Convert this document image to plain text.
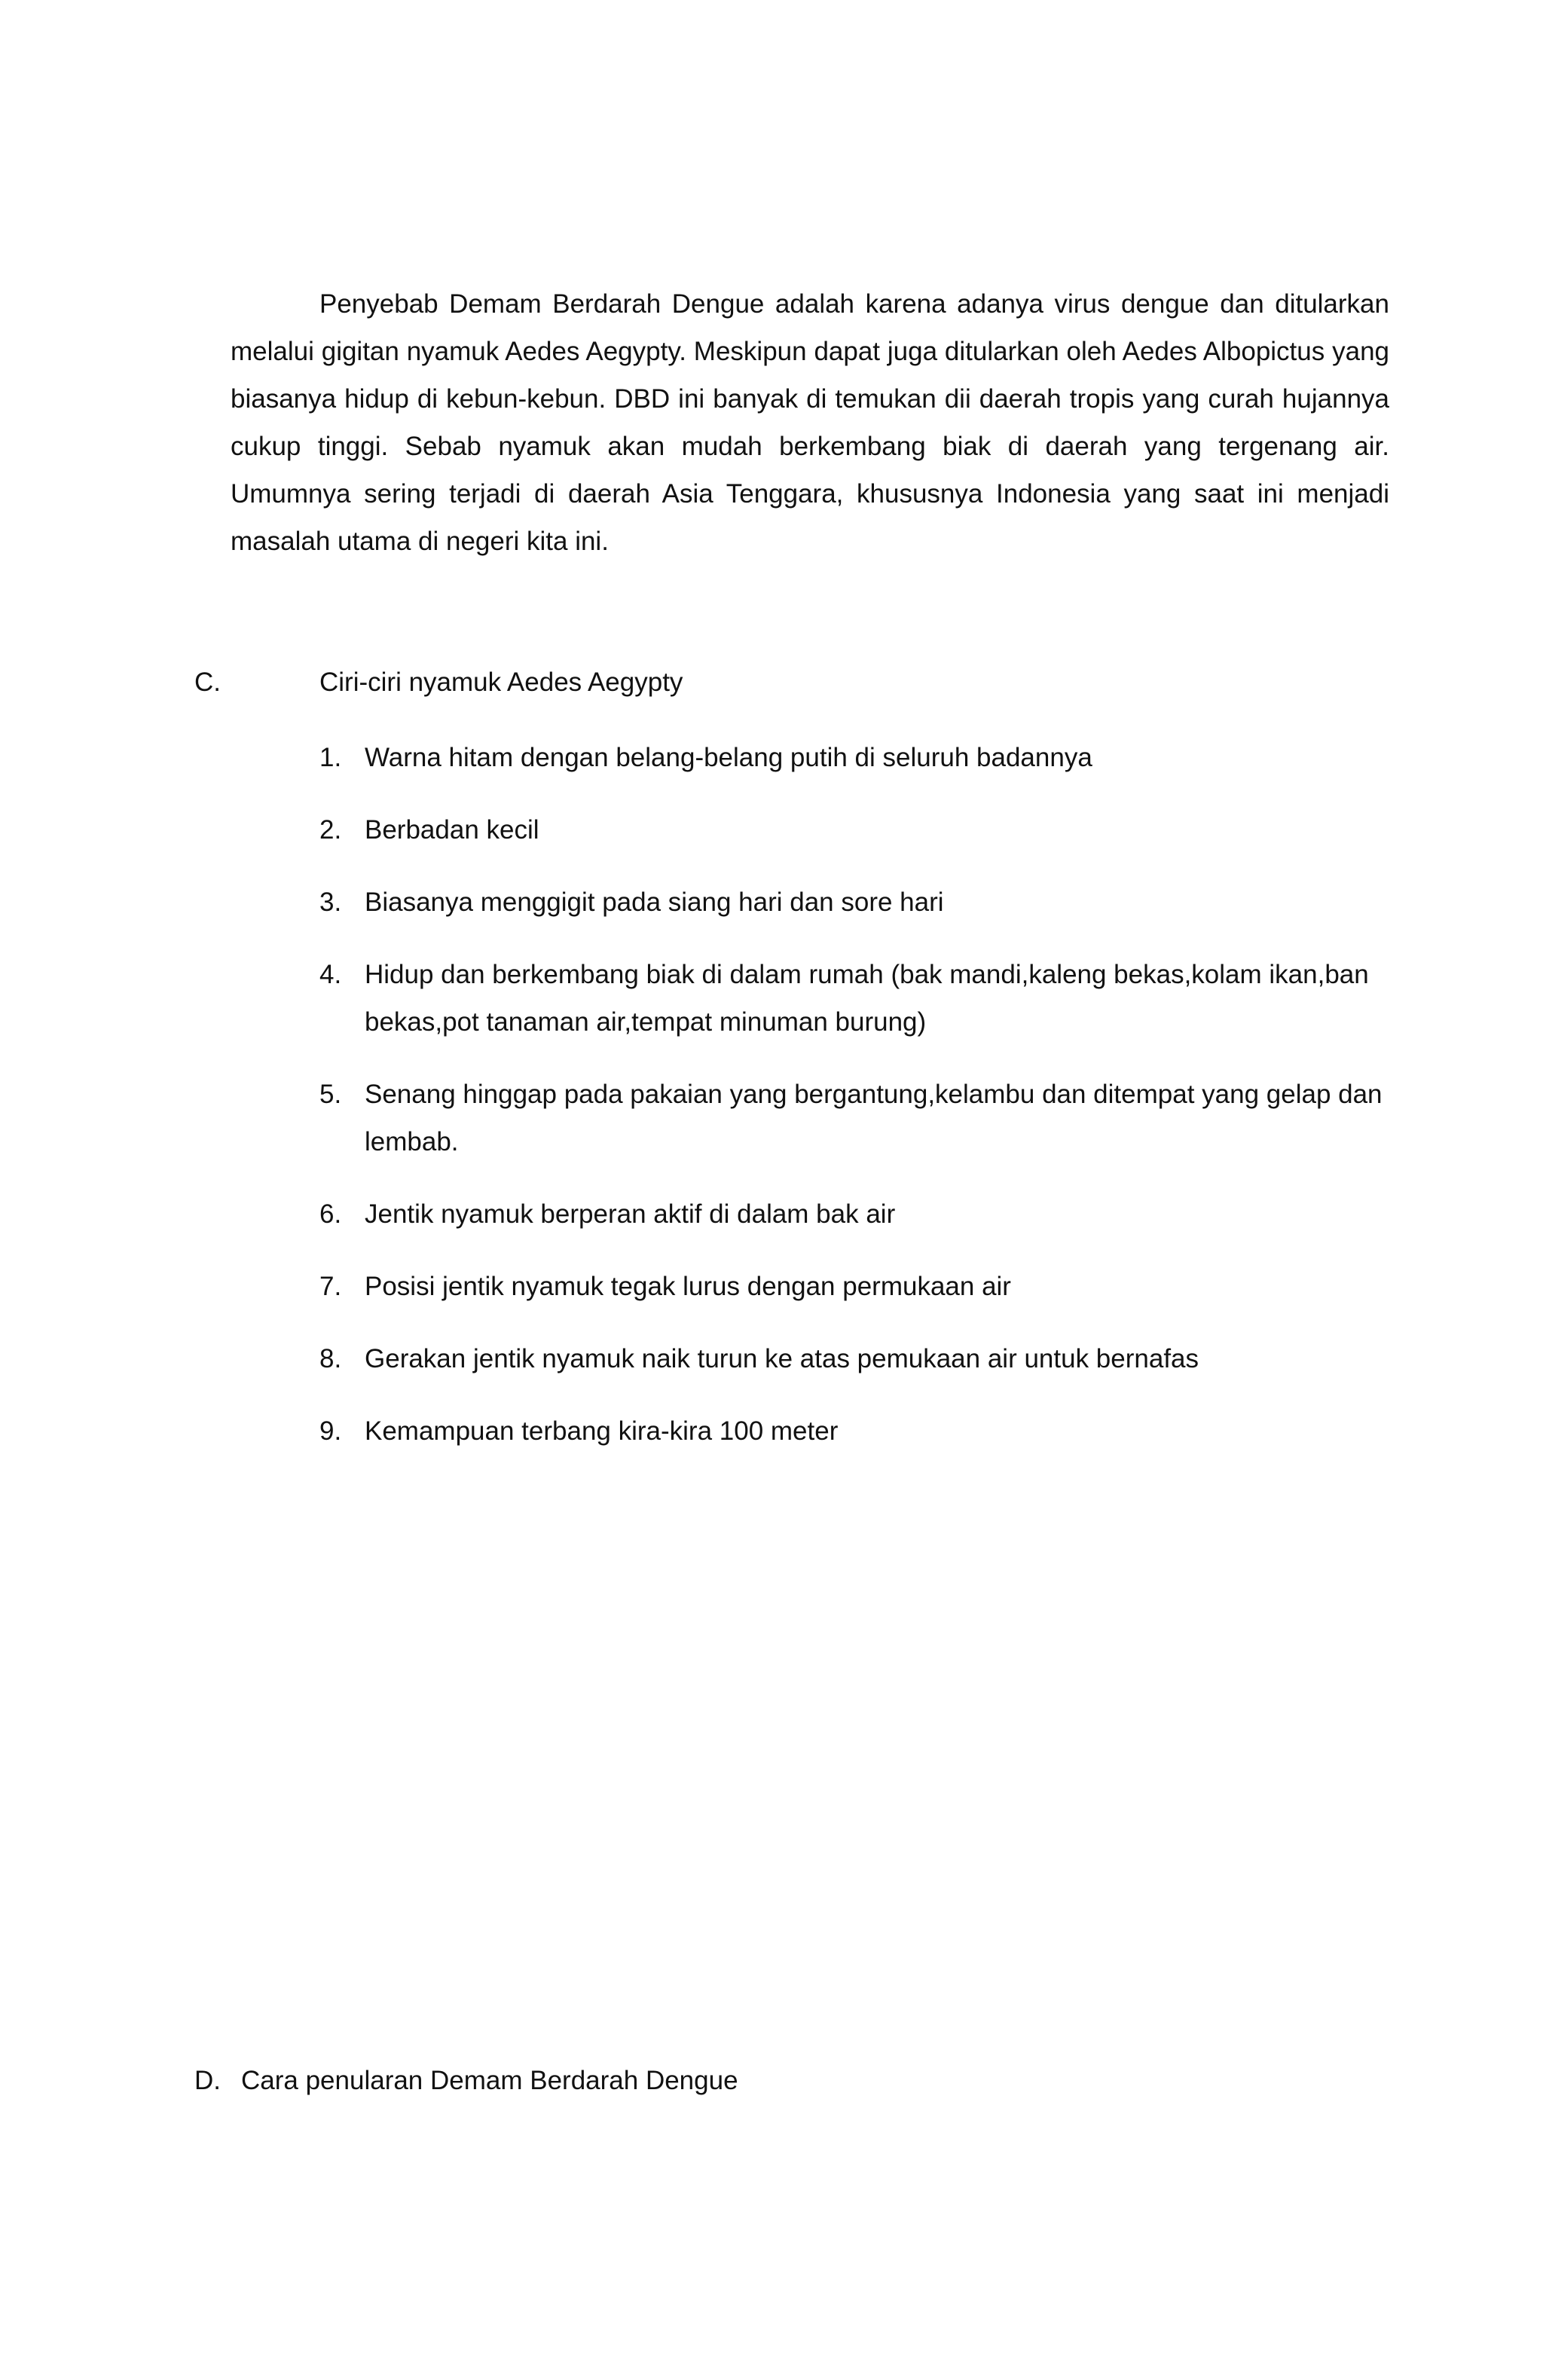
Penyebab Demam Berdarah Dengue adalah karena adanya virus dengue dan ditularkan melalui gigitan nyamuk Aedes Aegypty. Meskipun dapat juga ditularkan oleh Aedes Albopictus yang biasanya hidup di kebun-kebun. DBD ini banyak di temukan dii daerah tropis yang curah hujannya cukup tinggi. Sebab nyamuk akan mudah berkembang biak di daerah yang tergenang air. Umumnya sering terjadi di daerah Asia Tenggara, khususnya Indonesia yang saat ini menjadi masalah utama di negeri kita ini.

C.	Ciri-ciri nyamuk Aedes Aegypty
1. Warna hitam dengan belang-belang putih di seluruh badannya
2. Berbadan kecil
3. Biasanya menggigit pada siang hari dan sore hari
4. Hidup dan berkembang biak di dalam rumah (bak mandi,kaleng bekas,kolam ikan,ban bekas,pot tanaman air,tempat minuman burung)
5. Senang hinggap pada pakaian yang bergantung,kelambu dan ditempat yang gelap dan lembab.
6. Jentik nyamuk berperan aktif di dalam bak air
7. Posisi jentik nyamuk tegak lurus dengan permukaan air
8. Gerakan jentik nyamuk naik turun ke atas pemukaan air untuk bernafas
9. Kemampuan terbang kira-kira 100 meter
D. Cara penularan Demam Berdarah Dengue
